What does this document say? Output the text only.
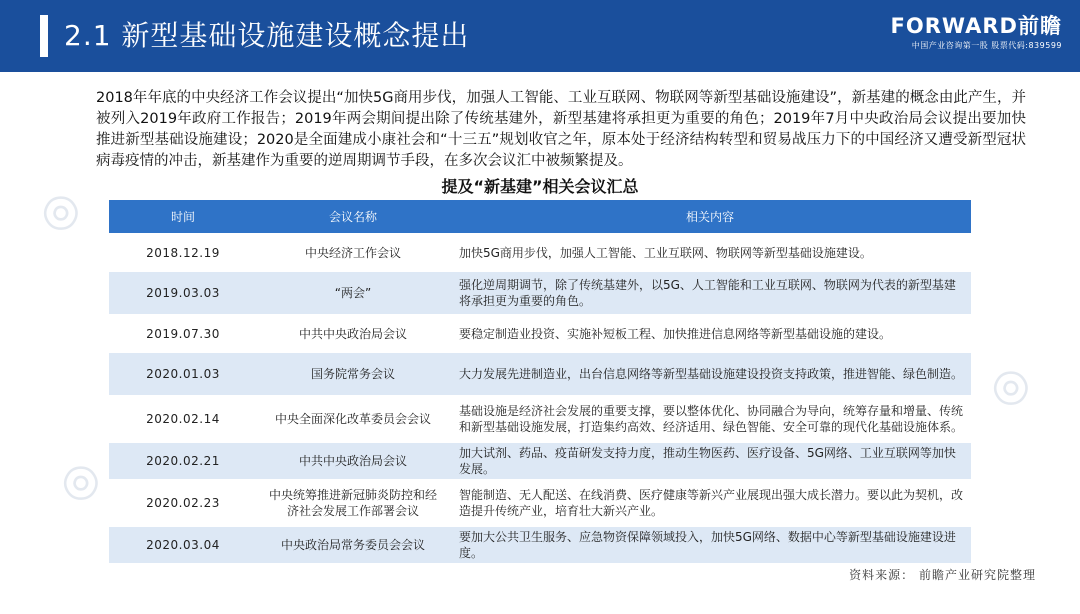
2.1 新型基础设施建设概念提出	FORWARD前瞻
中国产业咨询第一股 股票代码:839599
◎
◎
◎
2018年年底的中央经济工作会议提出“加快5G商用步伐，加强人工智能、工业互联网、物联网等新型基础设施建设”，新基建的概念由此产生，并被列入2019年政府工作报告；2019年两会期间提出除了传统基建外，新型基建将承担更为重要的角色；2019年7月中央政治局会议提出要加快推进新型基础设施建设；2020是全面建成小康社会和“十三五”规划收官之年，原本处于经济结构转型和贸易战压力下的中国经济又遭受新型冠状病毒疫情的冲击，新基建作为重要的逆周期调节手段，在多次会议汇中被频繁提及。
提及“新基建”相关会议汇总
时间	会议名称	相关内容
2018.12.19	中央经济工作会议	加快5G商用步伐，加强人工智能、工业互联网、物联网等新型基础设施建设。
2019.03.03	“两会”	强化逆周期调节，除了传统基建外，以5G、人工智能和工业互联网、物联网为代表的新型基建将承担更为重要的角色。
2019.07.30	中共中央政治局会议	要稳定制造业投资、实施补短板工程、加快推进信息网络等新型基础设施的建设。
2020.01.03	国务院常务会议	大力发展先进制造业，出台信息网络等新型基础设施建设投资支持政策，推进智能、绿色制造。
2020.02.14	中央全面深化改革委员会会议	基础设施是经济社会发展的重要支撑，要以整体优化、协同融合为导向，统筹存量和增量、传统和新型基础设施发展，打造集约高效、经济适用、绿色智能、安全可靠的现代化基础设施体系。
2020.02.21	中共中央政治局会议	加大试剂、药品、疫苗研发支持力度，推动生物医药、医疗设备、5G网络、工业互联网等加快发展。
2020.02.23	中央统筹推进新冠肺炎防控和经济社会发展工作部署会议	智能制造、无人配送、在线消费、医疗健康等新兴产业展现出强大成长潜力。要以此为契机，改造提升传统产业，培育壮大新兴产业。
2020.03.04	中央政治局常务委员会会议	要加大公共卫生服务、应急物资保障领域投入，加快5G网络、数据中心等新型基础设施建设进度。
资料来源： 前瞻产业研究院整理
